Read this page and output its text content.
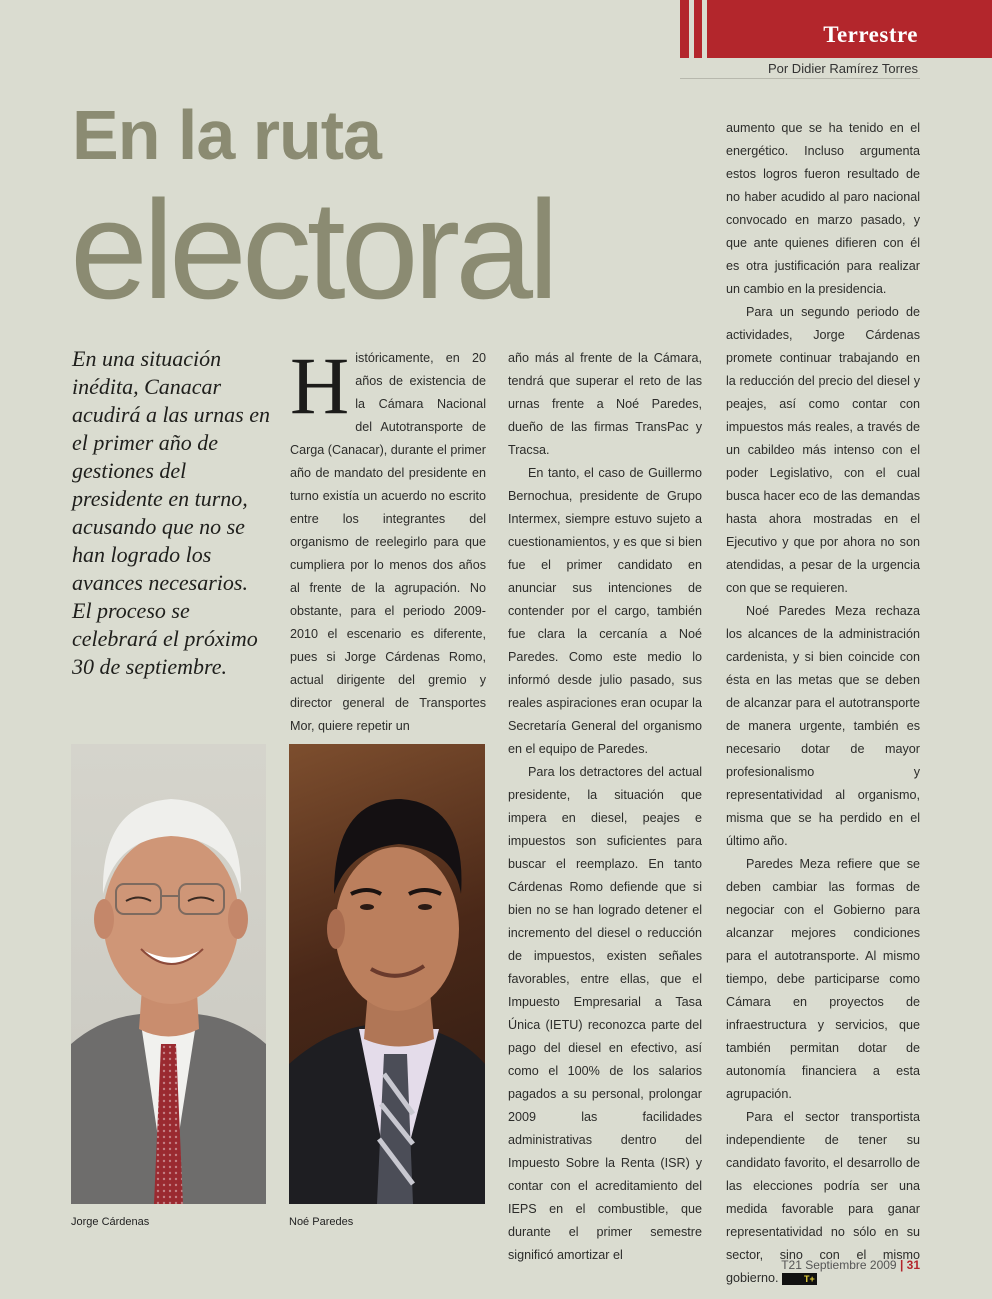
Terrestre
Por Didier Ramírez Torres
En la ruta
electoral
En una situación inédita, Canacar acudirá a las urnas en el primer año de gestiones del presidente en turno, acusando que no se han logrado los avances necesarios. El proceso se celebrará el próximo 30 de septiembre.
H istóricamente, en 20 años de existencia de la Cámara Nacional del Autotransporte de Carga (Canacar), durante el primer año de mandato del presidente en turno existía un acuerdo no escrito entre los integrantes del organismo de reelegirlo para que cumpliera por lo menos dos años al frente de la agrupación. No obstante, para el periodo 2009-2010 el escenario es diferente, pues si Jorge Cárdenas Romo, actual dirigente del gremio y director general de Transportes Mor, quiere repetir un

año más al frente de la Cámara, tendrá que superar el reto de las urnas frente a Noé Paredes, dueño de las firmas TransPac y Tracsa.

En tanto, el caso de Guillermo Bernochua, presidente de Grupo Intermex, siempre estuvo sujeto a cuestionamientos, y es que si bien fue el primer candidato en anunciar sus intenciones de contender por el cargo, también fue clara la cercanía a Noé Paredes. Como este medio lo informó desde julio pasado, sus reales aspiraciones eran ocupar la Secretaría General del organismo en el equipo de Paredes.

Para los detractores del actual presidente, la situación que impera en diesel, peajes e impuestos son suficientes para buscar el reemplazo. En tanto Cárdenas Romo defiende que si bien no se han logrado detener el incremento del diesel o reducción de impuestos, existen señales favorables, entre ellas, que el Impuesto Empresarial a Tasa Única (IETU) reconozca parte del pago del diesel en efectivo, así como el 100% de los salarios pagados a su personal, prolongar 2009 las facilidades administrativas dentro del Impuesto Sobre la Renta (ISR) y contar con el acreditamiento del IEPS en el combustible, que durante el primer semestre significó amortizar el

aumento que se ha tenido en el energético. Incluso argumenta estos logros fueron resultado de no haber acudido al paro nacional convocado en marzo pasado, y que ante quienes difieren con él es otra justificación para realizar un cambio en la presidencia.

Para un segundo periodo de actividades, Jorge Cárdenas promete continuar trabajando en la reducción del precio del diesel y peajes, así como contar con impuestos más reales, a través de un cabildeo más intenso con el poder Legislativo, con el cual busca hacer eco de las demandas hasta ahora mostradas en el Ejecutivo y que por ahora no son atendidas, a pesar de la urgencia con que se requieren.

Noé Paredes Meza rechaza los alcances de la administración cardenista, y si bien coincide con ésta en las metas que se deben de alcanzar para el autotransporte de manera urgente, también es necesario dotar de mayor profesionalismo y representatividad al organismo, misma que se ha perdido en el último año.

Paredes Meza refiere que se deben cambiar las formas de negociar con el Gobierno para alcanzar mejores condiciones para el autotransporte. Al mismo tiempo, debe participarse como Cámara en proyectos de infraestructura y servicios, que también permitan dotar de autonomía financiera a esta agrupación.

Para el sector transportista independiente de tener su candidato favorito, el desarrollo de las elecciones podría ser una medida favorable para ganar representatividad no sólo en su sector, sino con el mismo gobierno.	T+

Jorge Cárdenas	Noé Paredes
T21 Septiembre 2009 | 31
